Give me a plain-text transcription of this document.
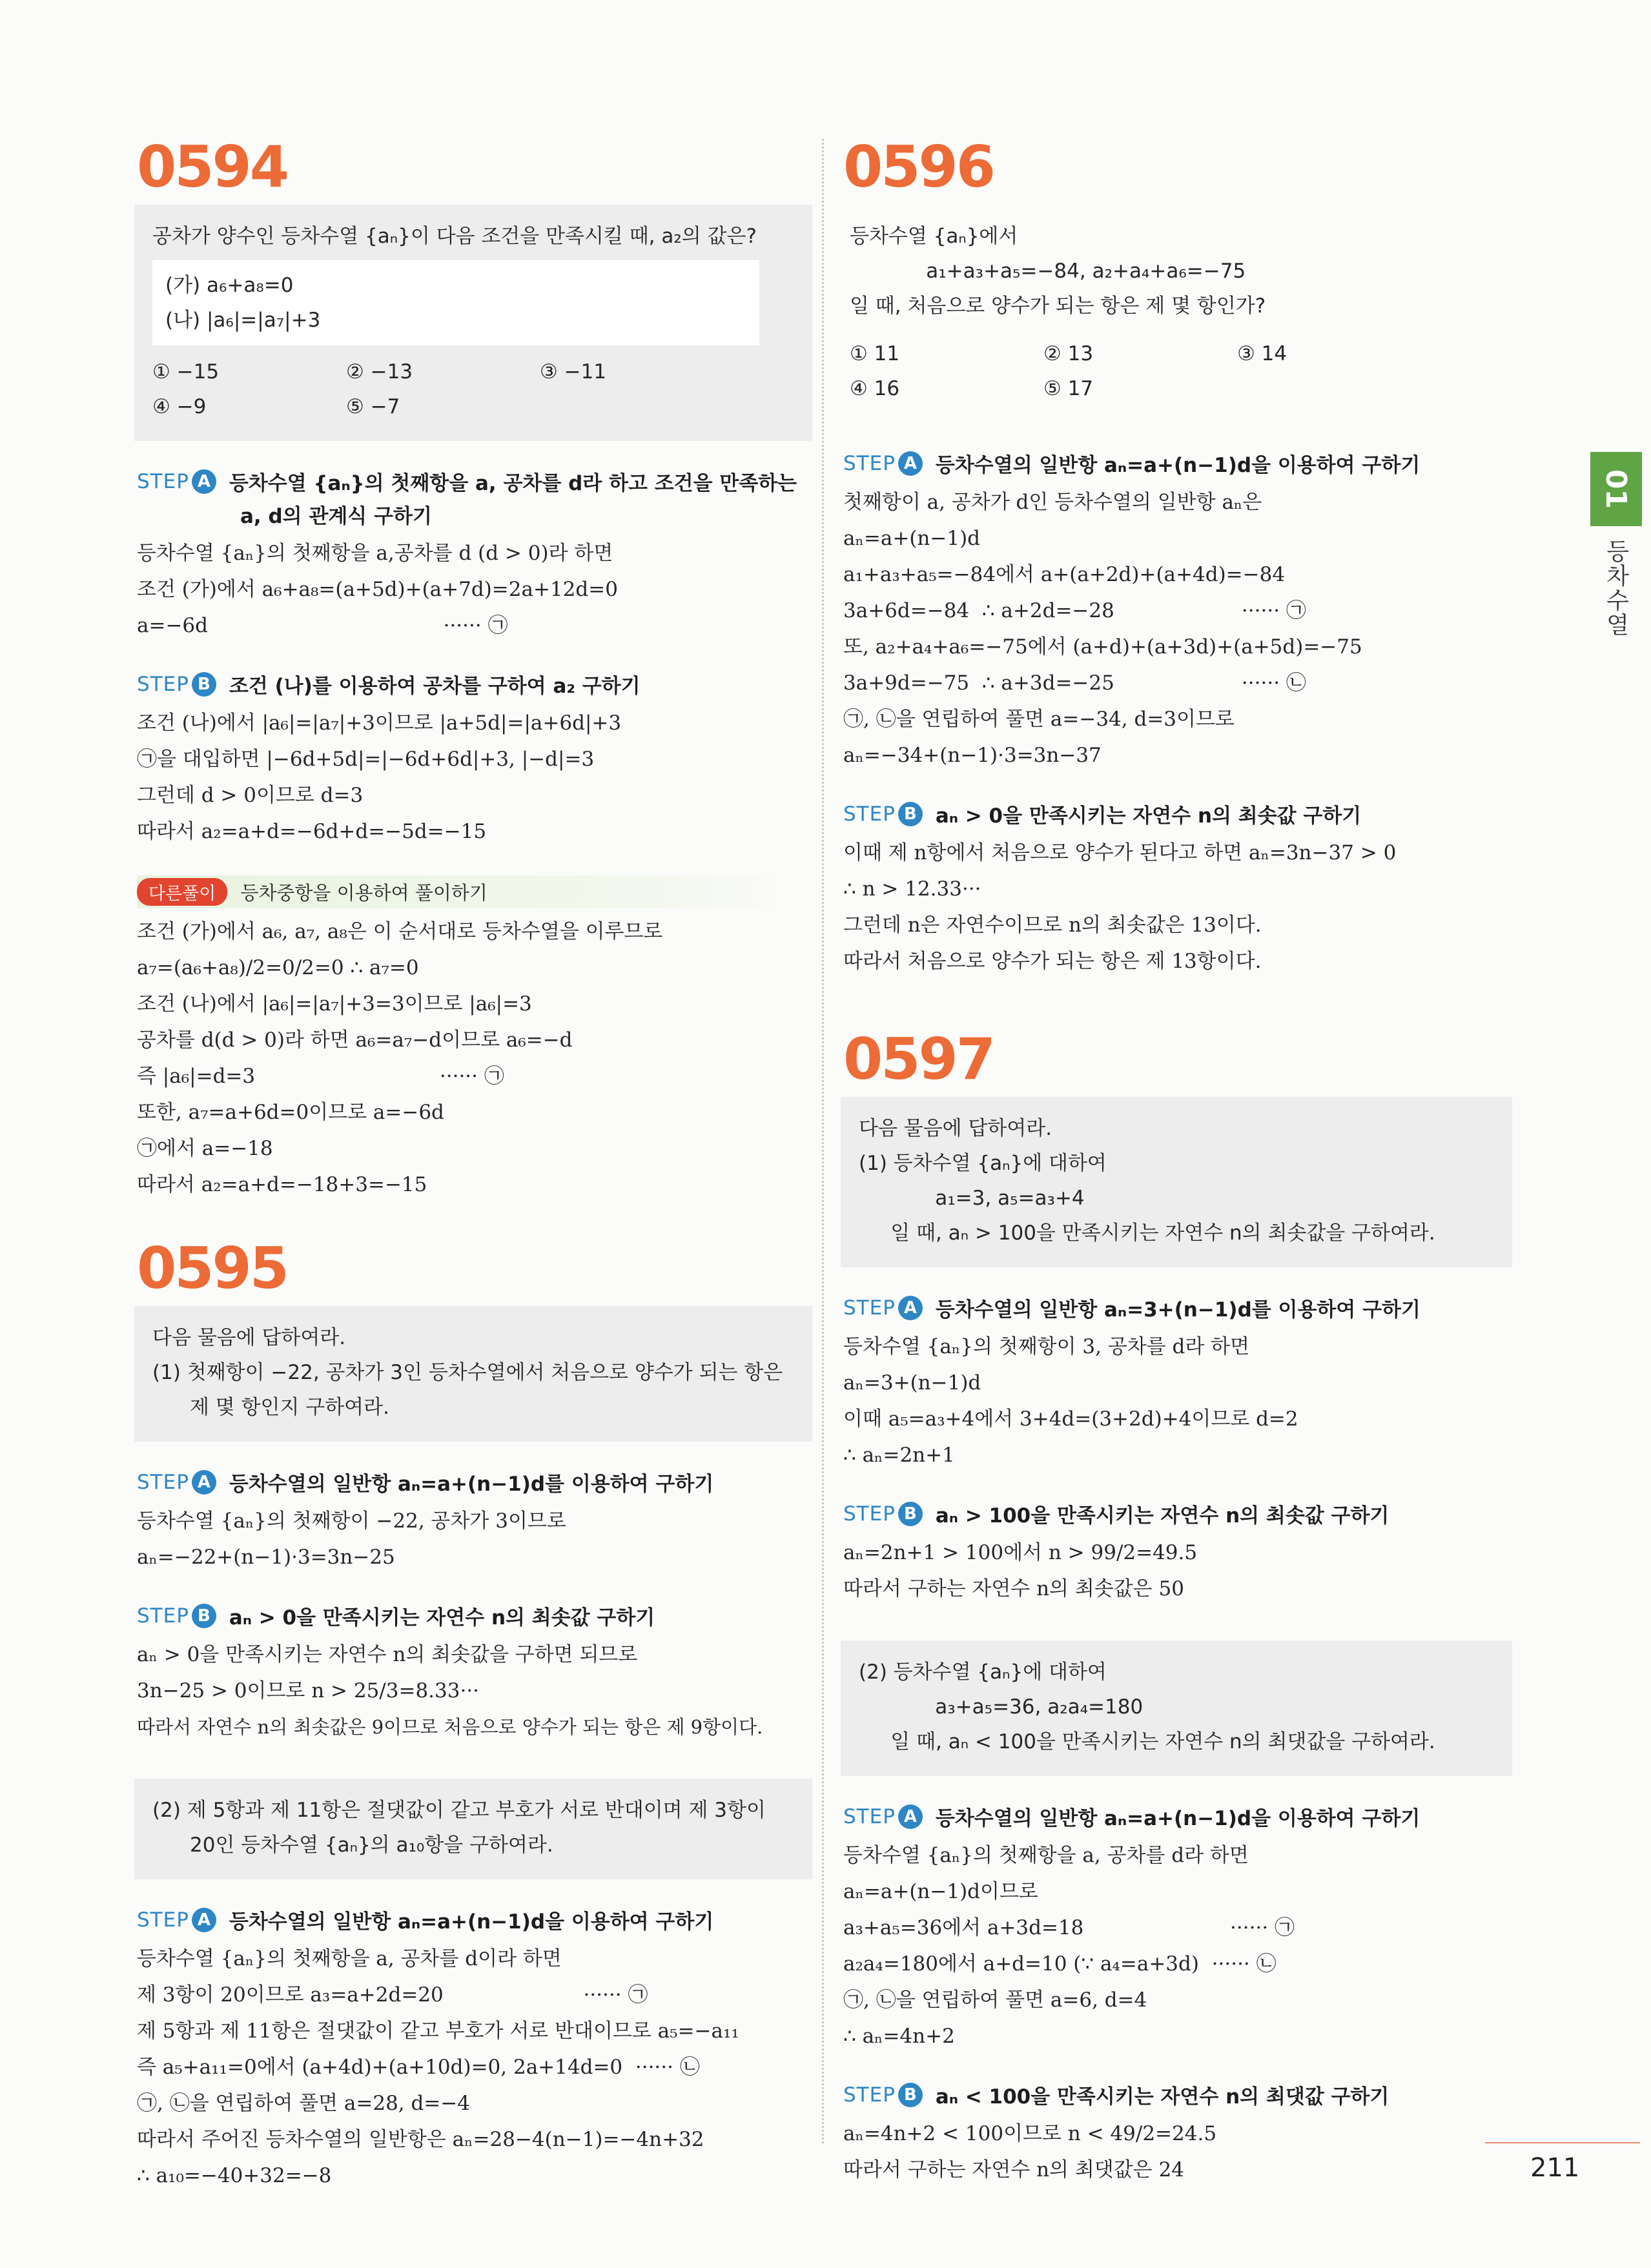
0594

공차가 양수인 등차수열 {aₙ}이 다음 조건을 만족시킬 때, a₂의 값은?

(가) a₆+a₈=0

(나) |a₆|=|a₇|+3

① −15	② −13	③ −11
④ −9	⑤ −7
STEP A 등차수열 {aₙ}의 첫째항을 a, 공차를 d라 하고 조건을 만족하는
a, d의 관계식 구하기
등차수열 {aₙ}의 첫째항을 a,공차를 d (d > 0)라 하면
조건 (가)에서 a₆+a₈=(a+5d)+(a+7d)=2a+12d=0
a=−6d                                     ······ ㉠
STEP B 조건 (나)를 이용하여 공차를 구하여 a₂ 구하기
조건 (나)에서 |a₆|=|a₇|+3이므로 |a+5d|=|a+6d|+3
㉠을 대입하면 |−6d+5d|=|−6d+6d|+3, |−d|=3
그런데 d > 0이므로 d=3
따라서 a₂=a+d=−6d+d=−5d=−15
다른풀이	등차중항을 이용하여 풀이하기
조건 (가)에서 a₆, a₇, a₈은 이 순서대로 등차수열을 이루므로
a₇=(a₆+a₈)/2=0/2=0 ∴ a₇=0
조건 (나)에서 |a₆|=|a₇|+3=3이므로 |a₆|=3
공차를 d(d > 0)라 하면 a₆=a₇−d이므로 a₆=−d
즉 |a₆|=d=3                             ······ ㉠
또한, a₇=a+6d=0이므로 a=−6d
㉠에서 a=−18
따라서 a₂=a+d=−18+3=−15
0595

다음 물음에 답하여라.

(1) 첫째항이 −22, 공차가 3인 등차수열에서 처음으로 양수가 되는 항은

제 몇 항인지 구하여라.

STEP A 등차수열의 일반항 aₙ=a+(n−1)d를 이용하여 구하기
등차수열 {aₙ}의 첫째항이 −22, 공차가 3이므로
aₙ=−22+(n−1)·3=3n−25
STEP B aₙ > 0을 만족시키는 자연수 n의 최솟값 구하기
aₙ > 0을 만족시키는 자연수 n의 최솟값을 구하면 되므로
3n−25 > 0이므로 n > 25/3=8.33···
따라서 자연수 n의 최솟값은 9이므로 처음으로 양수가 되는 항은 제 9항이다.

(2) 제 5항과 제 11항은 절댓값이 같고 부호가 서로 반대이며 제 3항이

20인 등차수열 {aₙ}의 a₁₀항을 구하여라.

STEP A 등차수열의 일반항 aₙ=a+(n−1)d을 이용하여 구하기
등차수열 {aₙ}의 첫째항을 a, 공차를 d이라 하면
제 3항이 20이므로 a₃=a+2d=20                      ······ ㉠
제 5항과 제 11항은 절댓값이 같고 부호가 서로 반대이므로 a₅=−a₁₁
즉 a₅+a₁₁=0에서 (a+4d)+(a+10d)=0, 2a+14d=0  ······ ㉡
㉠, ㉡을 연립하여 풀면 a=28, d=−4
따라서 주어진 등차수열의 일반항은 aₙ=28−4(n−1)=−4n+32
∴ a₁₀=−40+32=−8
0596

등차수열 {aₙ}에서

a₁+a₃+a₅=−84, a₂+a₄+a₆=−75

일 때, 처음으로 양수가 되는 항은 제 몇 항인가?

① 11	② 13	③ 14
④ 16	⑤ 17
STEP A 등차수열의 일반항 aₙ=a+(n−1)d을 이용하여 구하기
첫째항이 a, 공차가 d인 등차수열의 일반항 aₙ은
aₙ=a+(n−1)d
a₁+a₃+a₅=−84에서 a+(a+2d)+(a+4d)=−84
3a+6d=−84  ∴ a+2d=−28                    ······ ㉠
또, a₂+a₄+a₆=−75에서 (a+d)+(a+3d)+(a+5d)=−75
3a+9d=−75  ∴ a+3d=−25                    ······ ㉡
㉠, ㉡을 연립하여 풀면 a=−34, d=3이므로
aₙ=−34+(n−1)·3=3n−37
STEP B aₙ > 0을 만족시키는 자연수 n의 최솟값 구하기
이때 제 n항에서 처음으로 양수가 된다고 하면 aₙ=3n−37 > 0
∴ n > 12.33···
그런데 n은 자연수이므로 n의 최솟값은 13이다.
따라서 처음으로 양수가 되는 항은 제 13항이다.
0597

다음 물음에 답하여라.

(1) 등차수열 {aₙ}에 대하여

a₁=3, a₅=a₃+4

일 때, aₙ > 100을 만족시키는 자연수 n의 최솟값을 구하여라.

STEP A 등차수열의 일반항 aₙ=3+(n−1)d를 이용하여 구하기
등차수열 {aₙ}의 첫째항이 3, 공차를 d라 하면
aₙ=3+(n−1)d
이때 a₅=a₃+4에서 3+4d=(3+2d)+4이므로 d=2
∴ aₙ=2n+1
STEP B aₙ > 100을 만족시키는 자연수 n의 최솟값 구하기
aₙ=2n+1 > 100에서 n > 99/2=49.5
따라서 구하는 자연수 n의 최솟값은 50

(2) 등차수열 {aₙ}에 대하여

a₃+a₅=36, a₂a₄=180

일 때, aₙ < 100을 만족시키는 자연수 n의 최댓값을 구하여라.

STEP A 등차수열의 일반항 aₙ=a+(n−1)d을 이용하여 구하기
등차수열 {aₙ}의 첫째항을 a, 공차를 d라 하면
aₙ=a+(n−1)d이므로
a₃+a₅=36에서 a+3d=18                       ······ ㉠
a₂a₄=180에서 a+d=10 (∵ a₄=a+3d)  ······ ㉡
㉠, ㉡을 연립하여 풀면 a=6, d=4
∴ aₙ=4n+2
STEP B aₙ < 100을 만족시키는 자연수 n의 최댓값 구하기
aₙ=4n+2 < 100이므로 n < 49/2=24.5
따라서 구하는 자연수 n의 최댓값은 24
01
등차수열
211
